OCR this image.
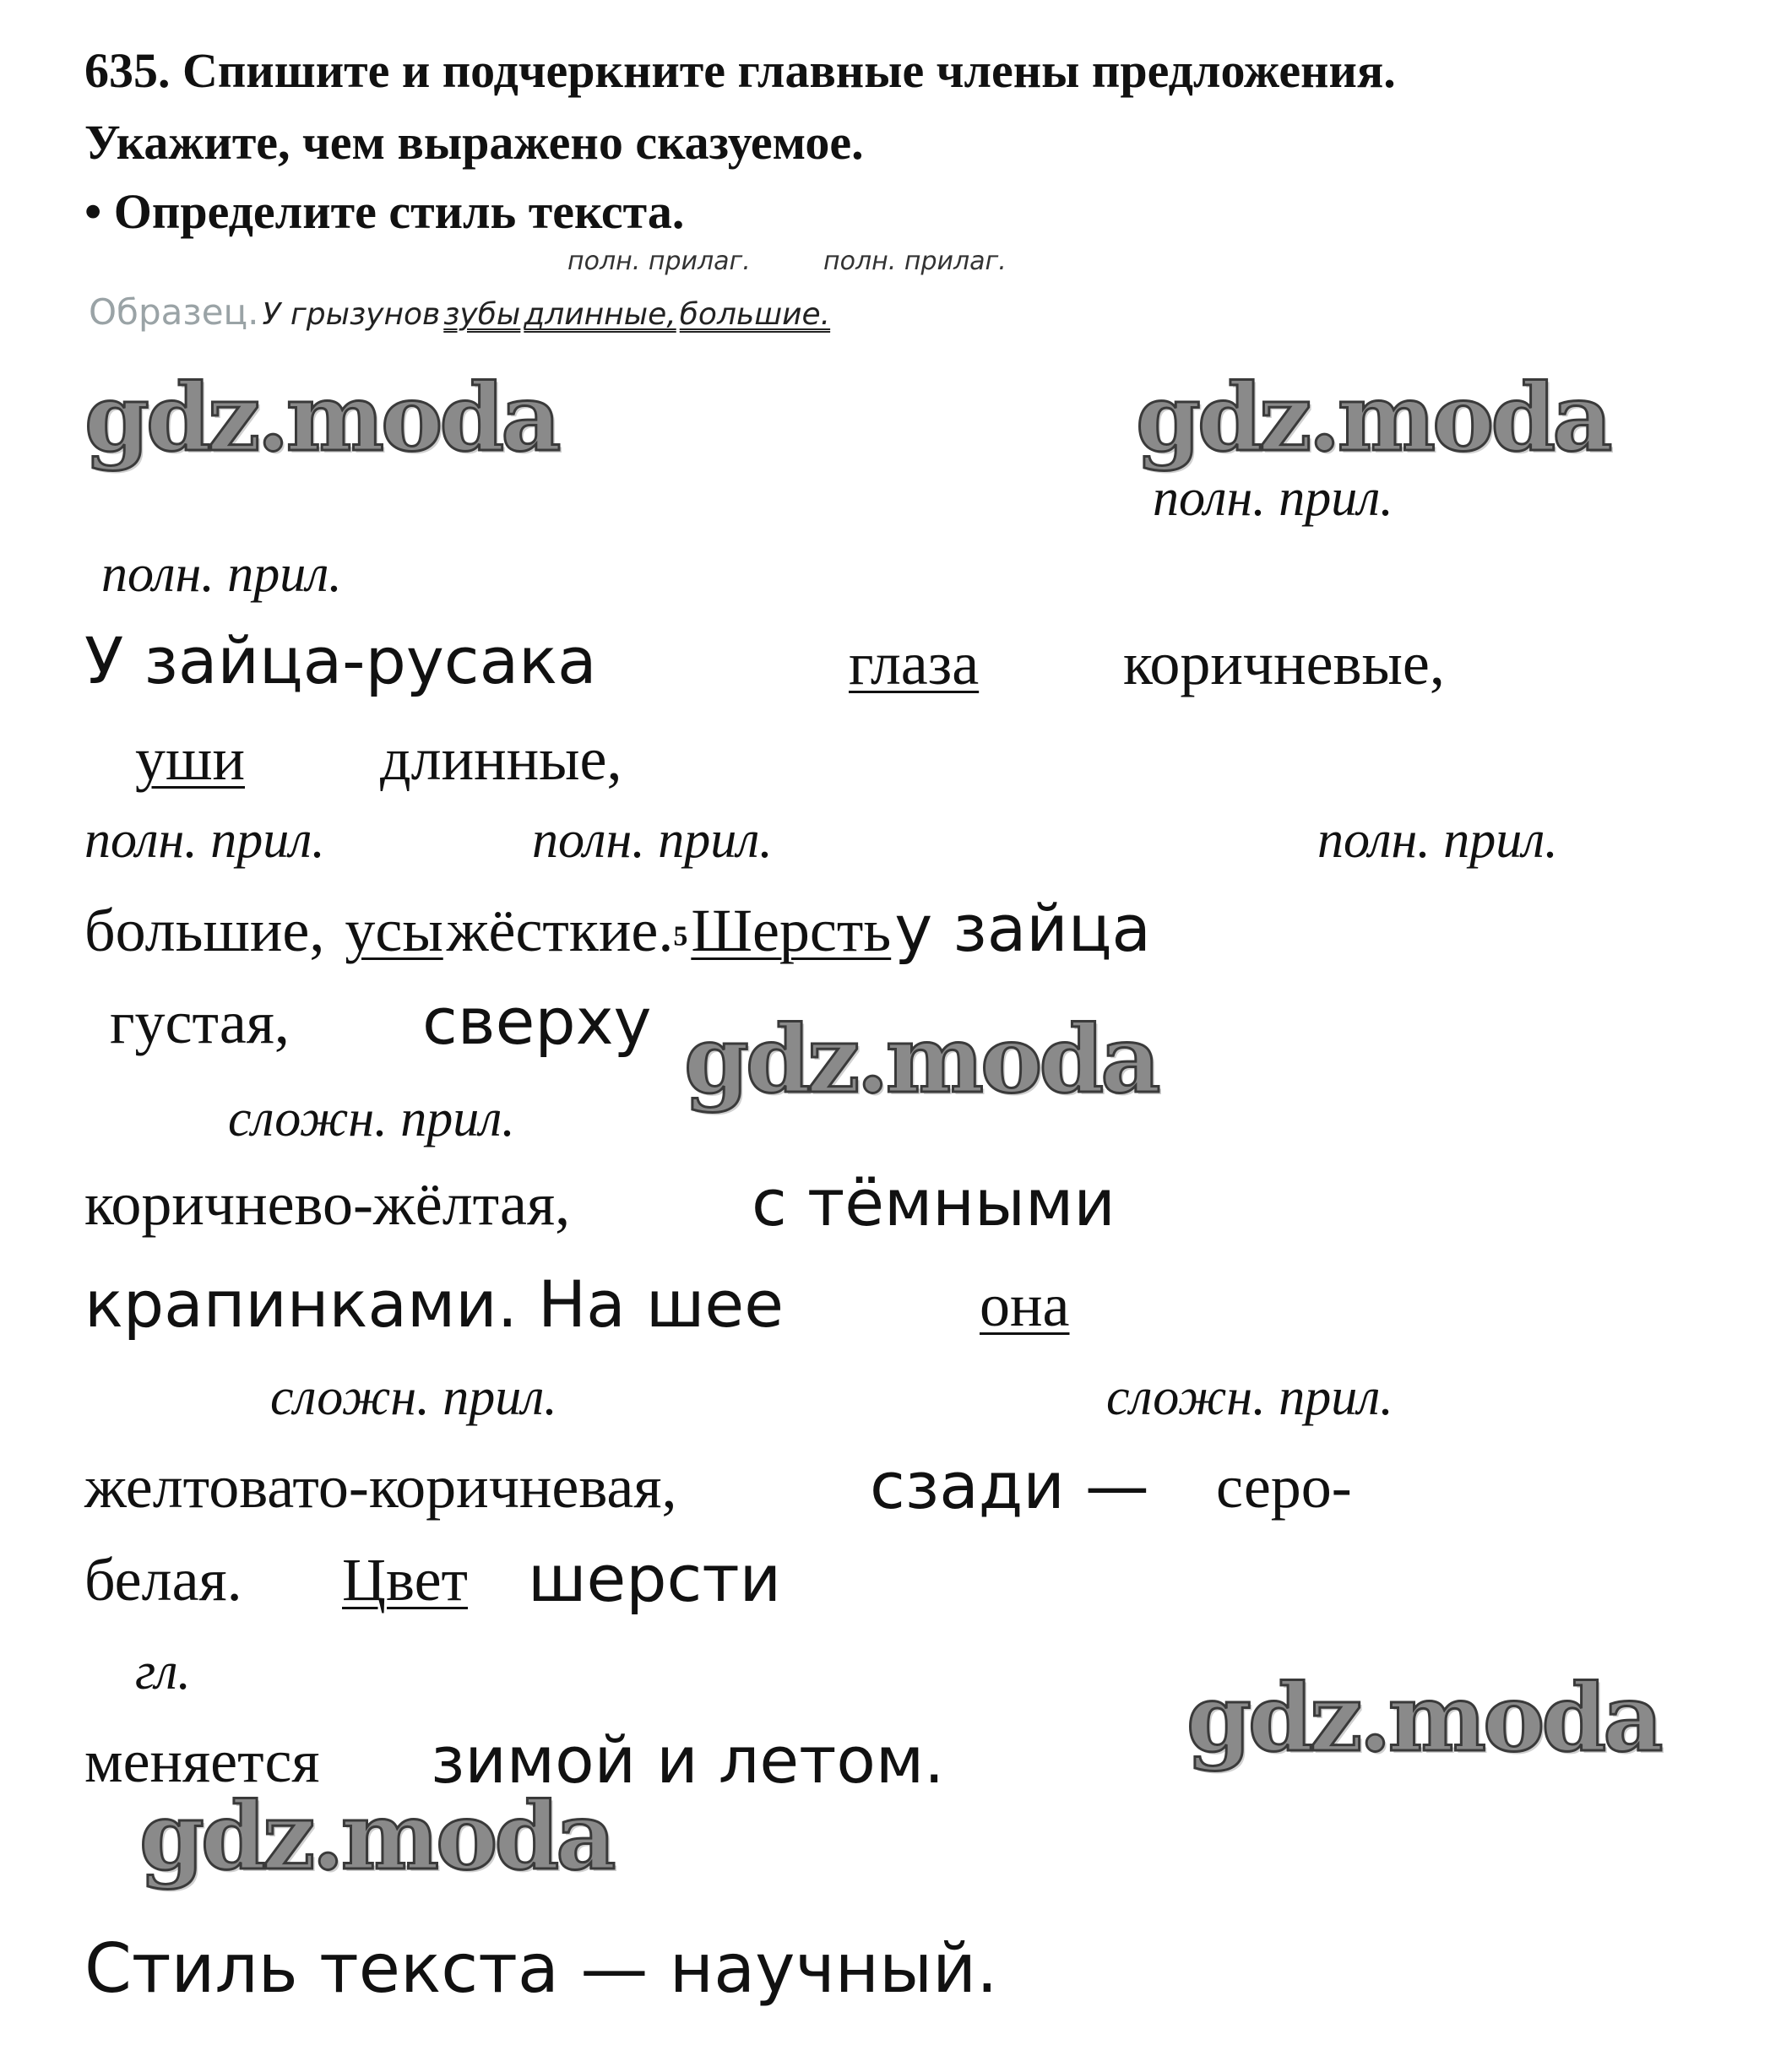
635. Спишите и подчеркните главные члены предложения.
Укажите, чем выражено сказуемое.
• Определите стиль текста.
полн. прилаг.	полн. прилаг.
Образец. У грызунов зубы длинные, большие.
gdz.moda	gdz.moda
gdz.moda
gdz.moda
gdz.moda
полн. прил.
полн. прил.
У зайца-русака	глаза коричневые,
уши длинные,
полн. прил.	полн. прил.	полн. прил.
большие, усы жёсткие.$^5$ Шерсть у зайца
густая, сверху
сложн. прил.
коричнево-жёлтая,	с тёмными
крапинками. На шее	она
сложн. прил.	сложн. прил.
желтовато-коричневая,	сзади — серо-
белая. Цвет шерсти
гл.
меняется зимой и летом.
Стиль текста — научный.
